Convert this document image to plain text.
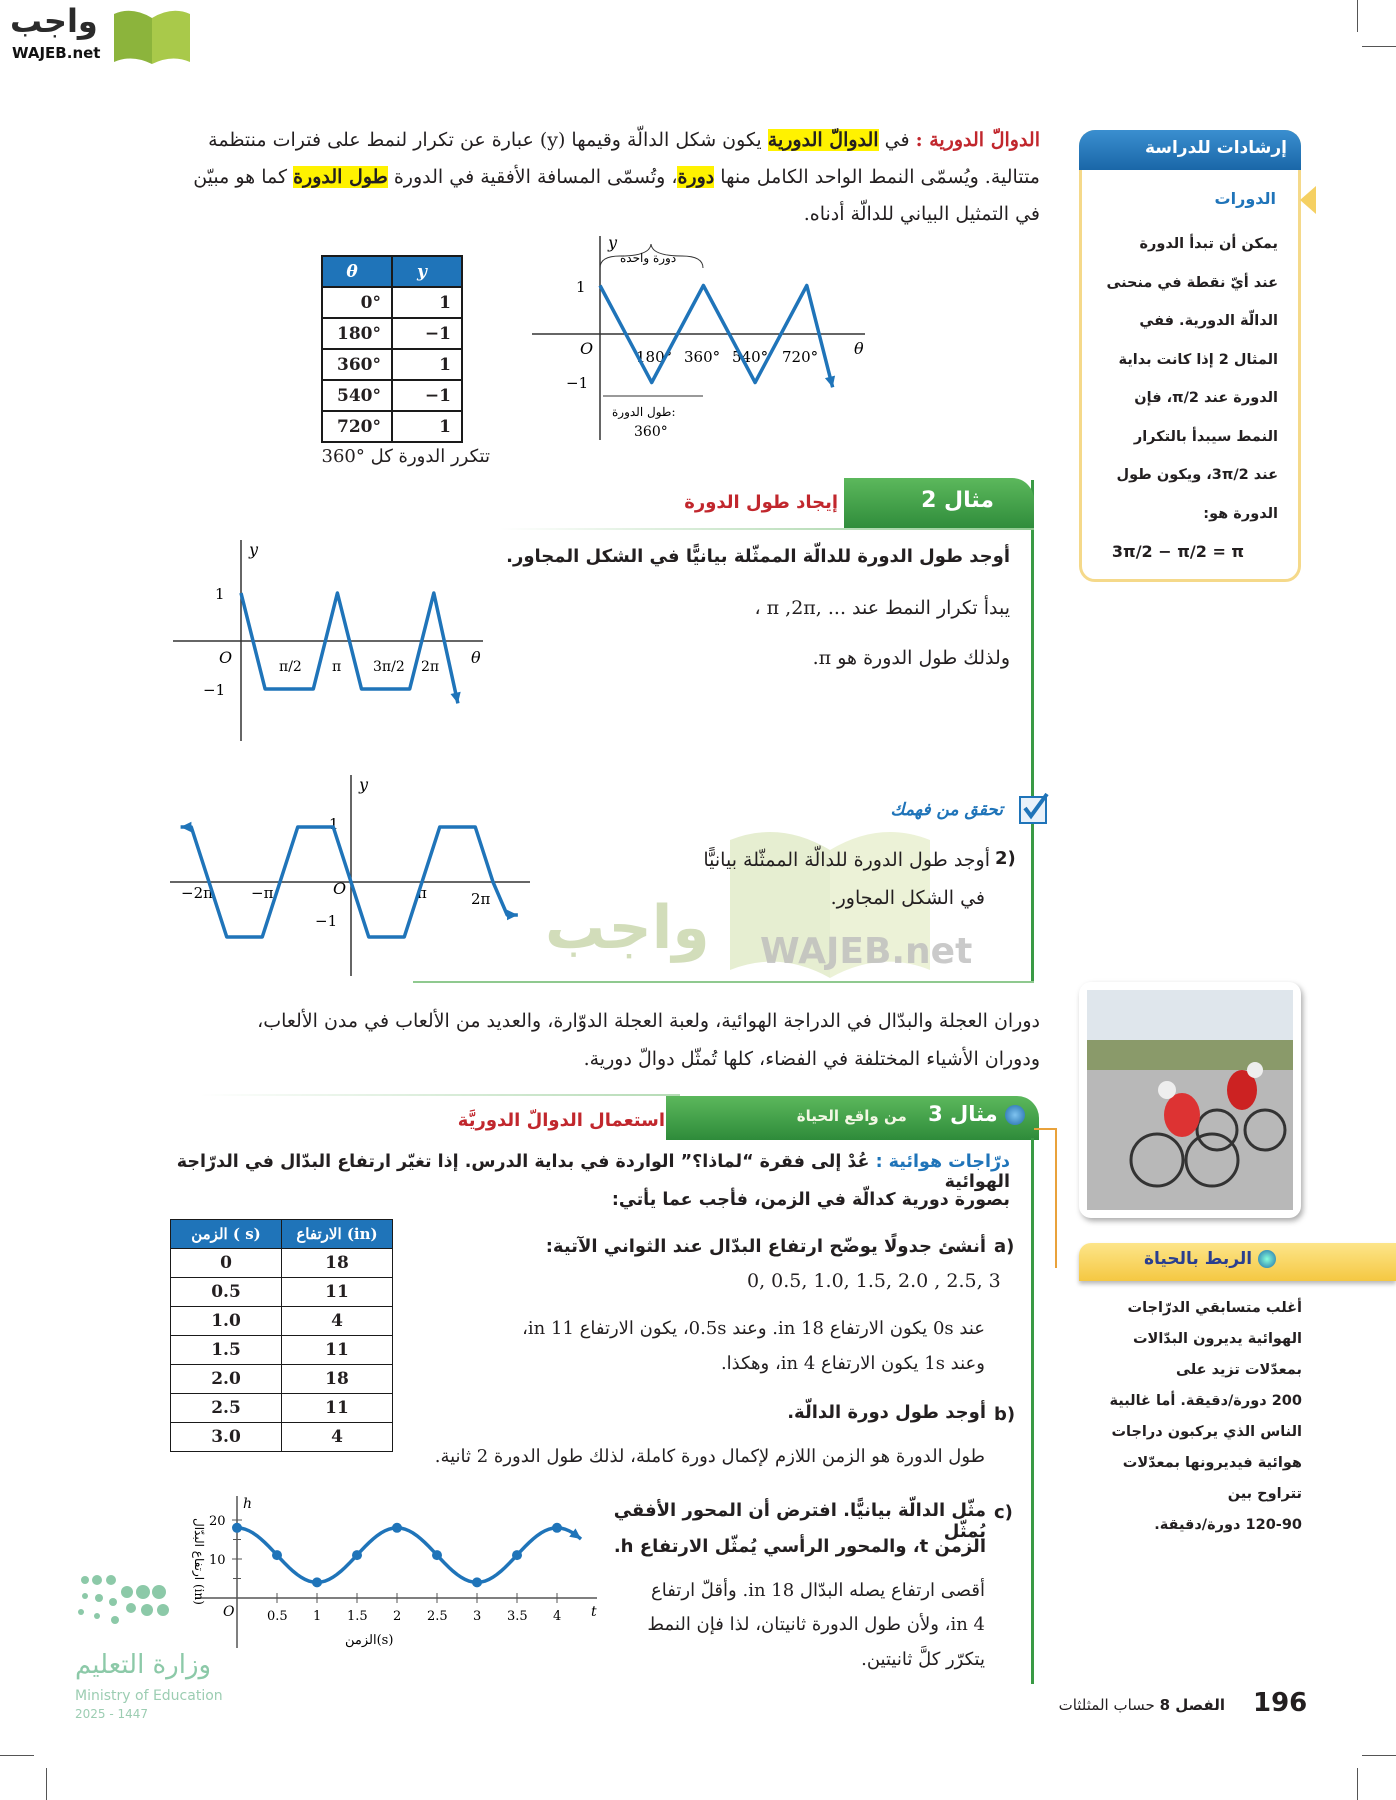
واجب WAJEB.net
واجب
WAJEB.net
الدوالّ الدورية : في الدوالّ الدورية يكون شكل الدالّة وقيمها (y) عبارة عن تكرار لنمط على فترات منتظمة متتالية. ويُسمّى النمط الواحد الكامل منها دورة، وتُسمّى المسافة الأفقية في الدورة طول الدورة كما هو مبيّن في التمثيل البياني للدالّة أدناه.
إرشادات للدراسة
الدورات
يمكن أن تبدأ الدورة
عند أيّ نقطة في منحنى
الدالّة الدورية. ففي
المثال 2 إذا كانت بداية
الدورة عند π/2، فإن
النمط سيبدأ بالتكرار
عند 3π/2، ويكون طول
الدورة هو:
3π/2 − π/2 = π
θ	y
0°	1
180°	−1
360°	1
540°	−1
720°	1
تتكرر الدورة كل °360
y
θ
O
1
−1
180° 360° 540° 720°
دورة واحدة
طول الدورة:
360°
مثال 2
إيجاد طول الدورة
أوجد طول الدورة للدالّة الممثّلة بيانيًّا في الشكل المجاور.
يبدأ تكرار النمط عند ... ,π ,2π ،
ولذلك طول الدورة هو π.
y
θ
O
1
−1
π/2 π 3π/2 2π
تحقق من فهمك
2)
أوجد طول الدورة للدالّة الممثّلة بيانيًّا
في الشكل المجاور.
y
O
1
−1
−2π	−π	π	2π
دوران العجلة والبدّال في الدراجة الهوائية، ولعبة العجلة الدوّارة، والعديد من الألعاب في مدن الألعاب،
ودوران الأشياء المختلفة في الفضاء، كلها تُمثّل دوالّ دورية.
مثال 3 من واقع الحياة
استعمال الدوالّ الدوريَّة
درّاجات هوائية : عُدْ إلى فقرة “لماذا؟” الواردة في بداية الدرس. إذا تغيّر ارتفاع البدّال في الدرّاجة الهوائية
بصورة دورية كدالّة في الزمن، فأجب عما يأتي:
الزمن ( s)	الارتفاع (in)
0	18
0.5	11
1.0	4
1.5	11
2.0	18
2.5	11
3.0	4
a)
أنشئ جدولًا يوضّح ارتفاع البدّال عند الثواني الآتية:
0, 0.5, 1.0, 1.5, 2.0 , 2.5, 3
عند 0s يكون الارتفاع 18 in. وعند 0.5s، يكون الارتفاع 11 in،
وعند 1s يكون الارتفاع 4 in، وهكذا.
b)
أوجد طول دورة الدالّة.
طول الدورة هو الزمن اللازم لإكمال دورة كاملة، لذلك طول الدورة 2 ثانية.
c)
مثّل الدالّة بيانيًّا. افترض أن المحور الأفقي يُمثّل
الزمن t، والمحور الرأسي يُمثّل الارتفاع h.
أقصى ارتفاع يصله البدّال 18 in. وأقلّ ارتفاع
4 in، ولأن طول الدورة ثانيتان، لذا فإن النمط
يتكرّر كلَّ ثانيتين.
وزارة التعليم
Ministry of Education
2025 - 1447
h
t
O
الزمن(s)
ارتفاع البدّال (in)
0.5 1 1.5 2 2.5 3 3.5 4
10
20
الربط بالحياة
أغلب متسابقي الدرّاجات
الهوائية يديرون البدّالات
بمعدّلات تزيد على
200 دورة/دقيقة. أما غالبية
الناس الذي يركبون دراجات
هوائية فيديرونها بمعدّلات
تتراوح بين
120-90 دورة/دقيقة.
196
الفصل 8 حساب المثلثات
